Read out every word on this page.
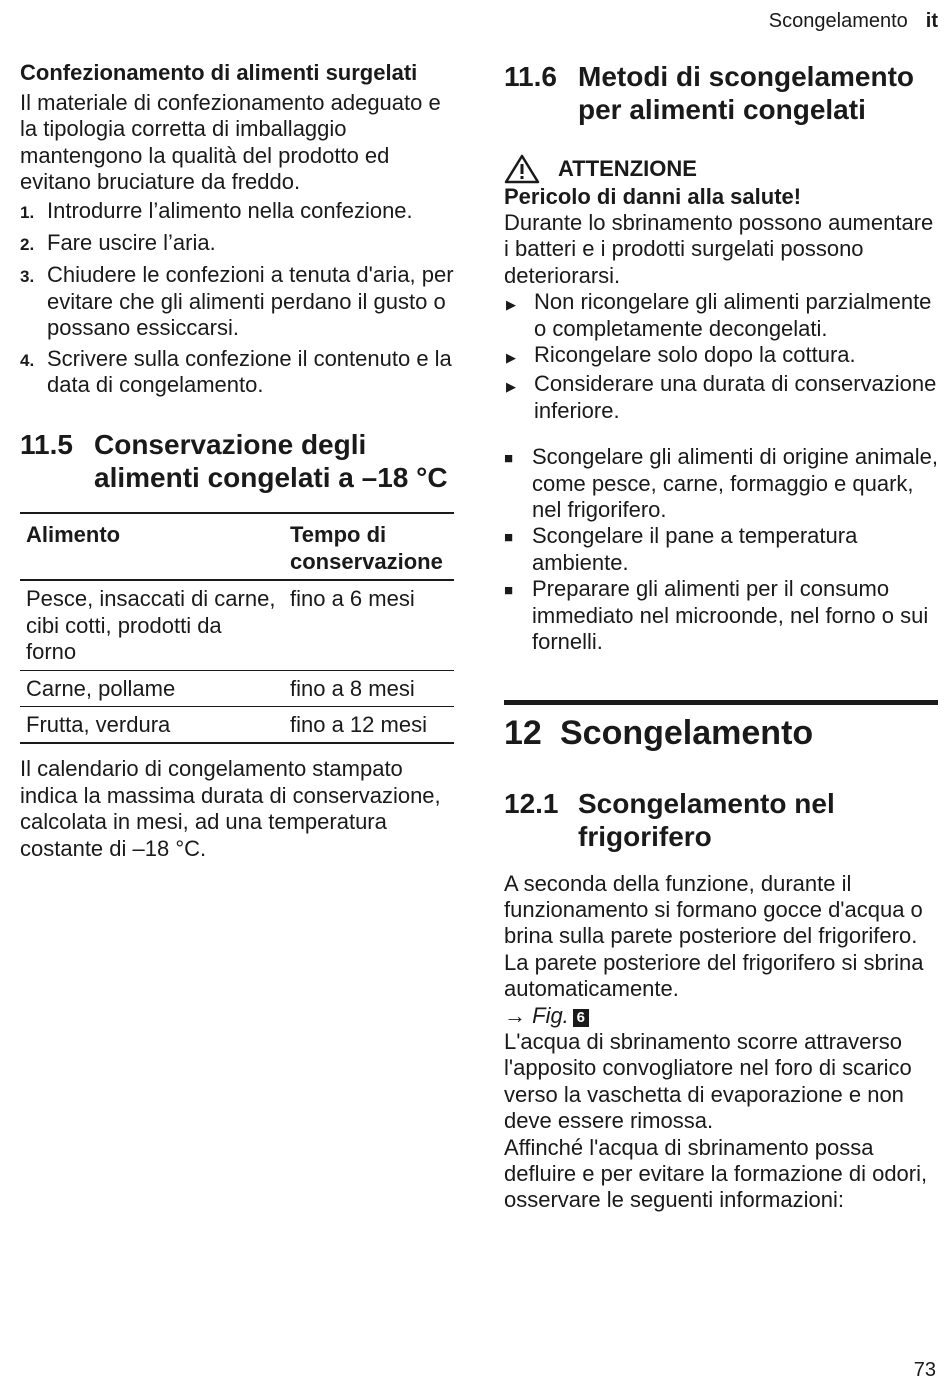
Scongelamento it
Confezionamento di alimenti surgelati

Il materiale di confezionamento adeguato e la tipologia corretta di imballaggio mantengono la qualità del prodotto ed evitano bruciature da freddo.

1. Introdurre l’alimento nella confezione.
2. Fare uscire l’aria.
3. Chiudere le confezioni a tenuta d'aria, per evitare che gli alimenti perdano il gusto o possano essiccarsi.
4. Scrivere sulla confezione il contenuto e la data di congelamento.
11.5 Conservazione degli alimenti congelati a –18 °C
Alimento	Tempo di conservazione
Pesce, insaccati di carne, cibi cotti, prodotti da forno	fino a 6 mesi
Carne, pollame	fino a 8 mesi
Frutta, verdura	fino a 12 mesi

Il calendario di congelamento stampato indica la massima durata di conservazione, calcolata in mesi, ad una temperatura costante di –18 °C.

11.6 Metodi di scongelamento per alimenti congelati
ATTENZIONE
Pericolo di danni alla salute!

Durante lo sbrinamento possono aumentare i batteri e i prodotti surgelati possono deteriorarsi.

▶ Non ricongelare gli alimenti parzialmente o completamente decongelati.
▶ Ricongelare solo dopo la cottura.
▶ Considerare una durata di conservazione inferiore.
■ Scongelare gli alimenti di origine animale, come pesce, carne, formaggio e quark, nel frigorifero.
■ Scongelare il pane a temperatura ambiente.
■ Preparare gli alimenti per il consumo immediato nel microonde, nel forno o sui fornelli.
12 Scongelamento
12.1 Scongelamento nel frigorifero

A seconda della funzione, durante il funzionamento si formano gocce d'acqua o brina sulla parete posteriore del frigorifero. La parete posteriore del frigorifero si sbrina automaticamente.

→ Fig. 6

L'acqua di sbrinamento scorre attraverso l'apposito convogliatore nel foro di scarico verso la vaschetta di evaporazione e non deve essere rimossa.

Affinché l'acqua di sbrinamento possa defluire e per evitare la formazione di odori, osservare le seguenti informazioni:

73
